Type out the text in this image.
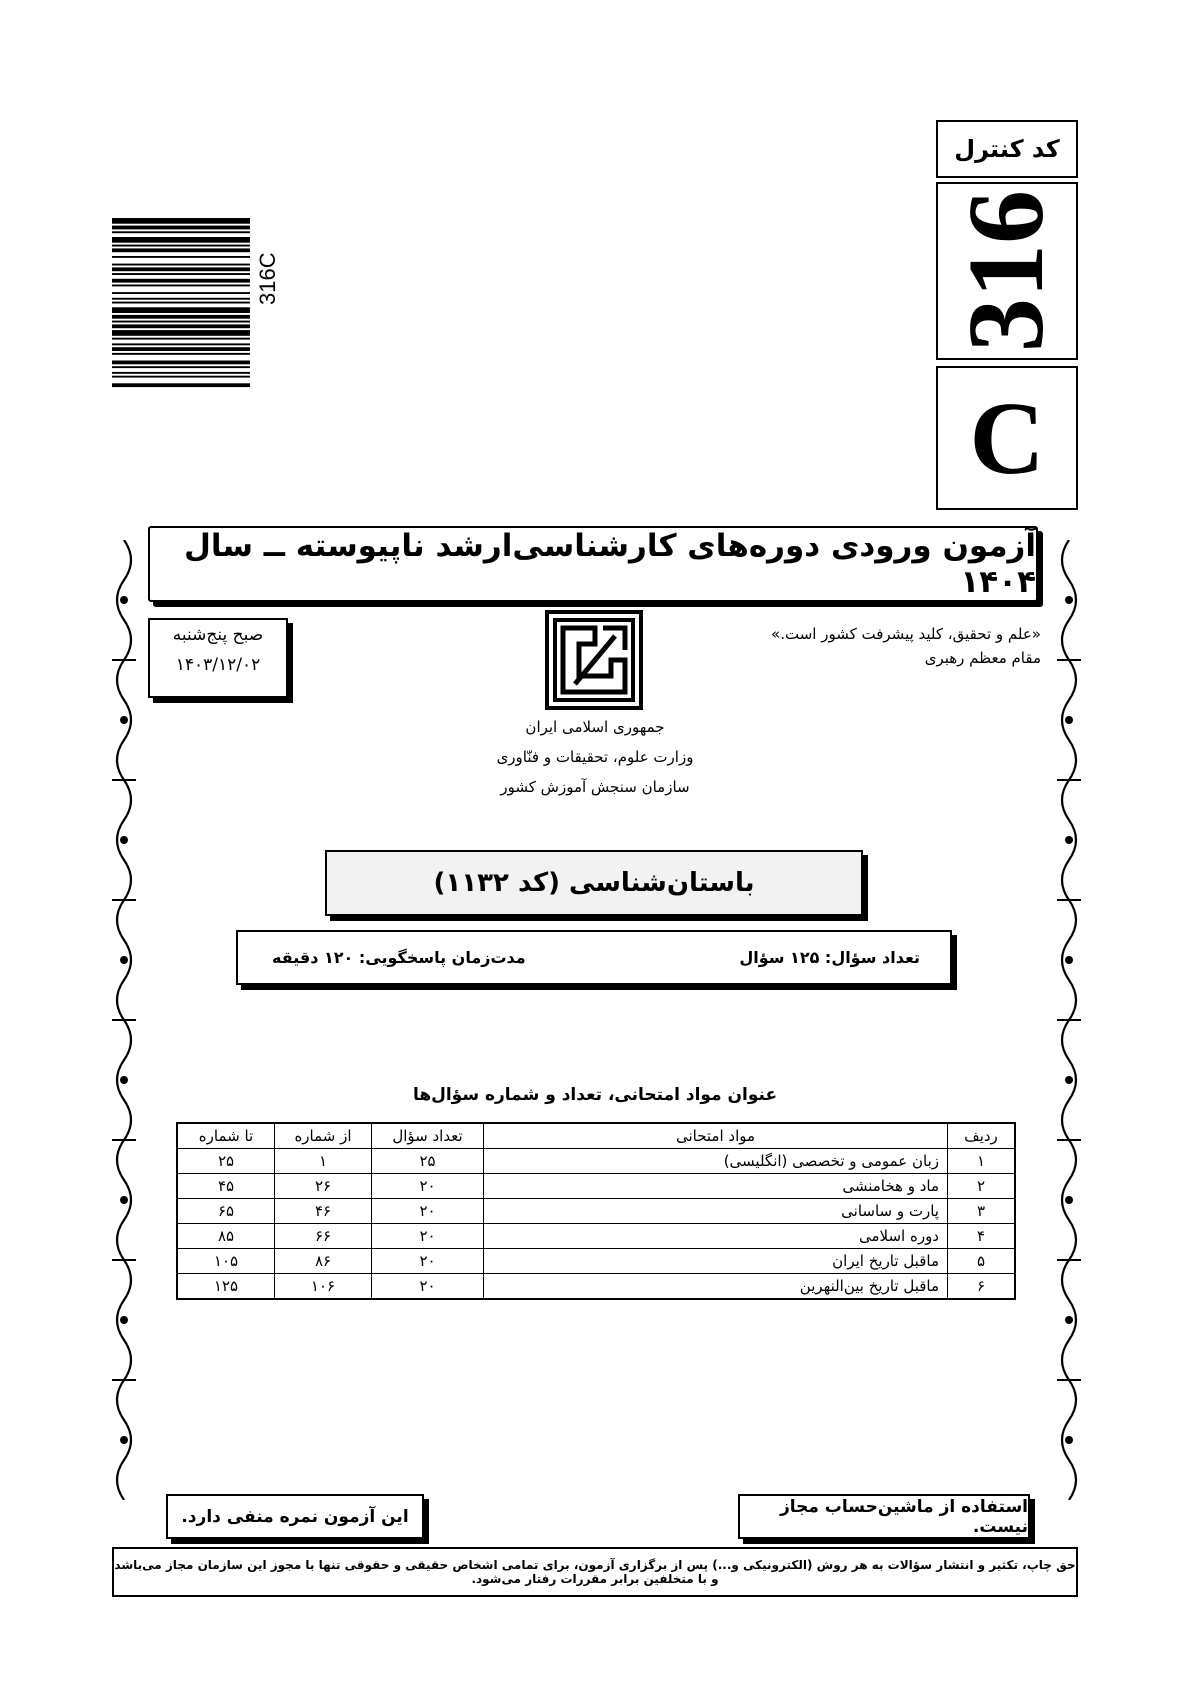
کد کنترل
316
C
316C
آزمون ورودی دوره‌های کارشناسی‌ارشد ناپیوسته ــ سال ۱۴۰۴
صبح پنج‌شنبه
۱۴۰۳/۱۲/۰۲
«علم و تحقیق، کلید پیشرفت کشور است.»
مقام معظم رهبری
جمهوری اسلامی ایران
وزارت علوم، تحقیقات و فنّاوری
سازمان سنجش آموزش کشور
باستان‌شناسی (کد ۱۱۳۲)
تعداد سؤال: ۱۲۵ سؤال
مدت‌زمان پاسخگویی: ۱۲۰ دقیقه
عنوان مواد امتحانی، تعداد و شماره سؤال‌ها
ردیف	مواد امتحانی	تعداد سؤال	از شماره	تا شماره
۱	زبان عمومی و تخصصی (انگلیسی)	۲۵	۱	۲۵
۲	ماد و هخامنشی	۲۰	۲۶	۴۵
۳	پارت و ساسانی	۲۰	۴۶	۶۵
۴	دوره اسلامی	۲۰	۶۶	۸۵
۵	ماقبل تاریخ ایران	۲۰	۸۶	۱۰۵
۶	ماقبل تاریخ بین‌النهرین	۲۰	۱۰۶	۱۲۵
این آزمون نمره منفی دارد.	استفاده از ماشین‌حساب مجاز نیست.
حق چاپ، تکثیر و انتشار سؤالات به هر روش (الکترونیکی و...) پس از برگزاری آزمون، برای تمامی اشخاص حقیقی و حقوقی تنها با مجوز این سازمان مجاز می‌باشد و با متخلفین برابر مقررات رفتار می‌شود.
